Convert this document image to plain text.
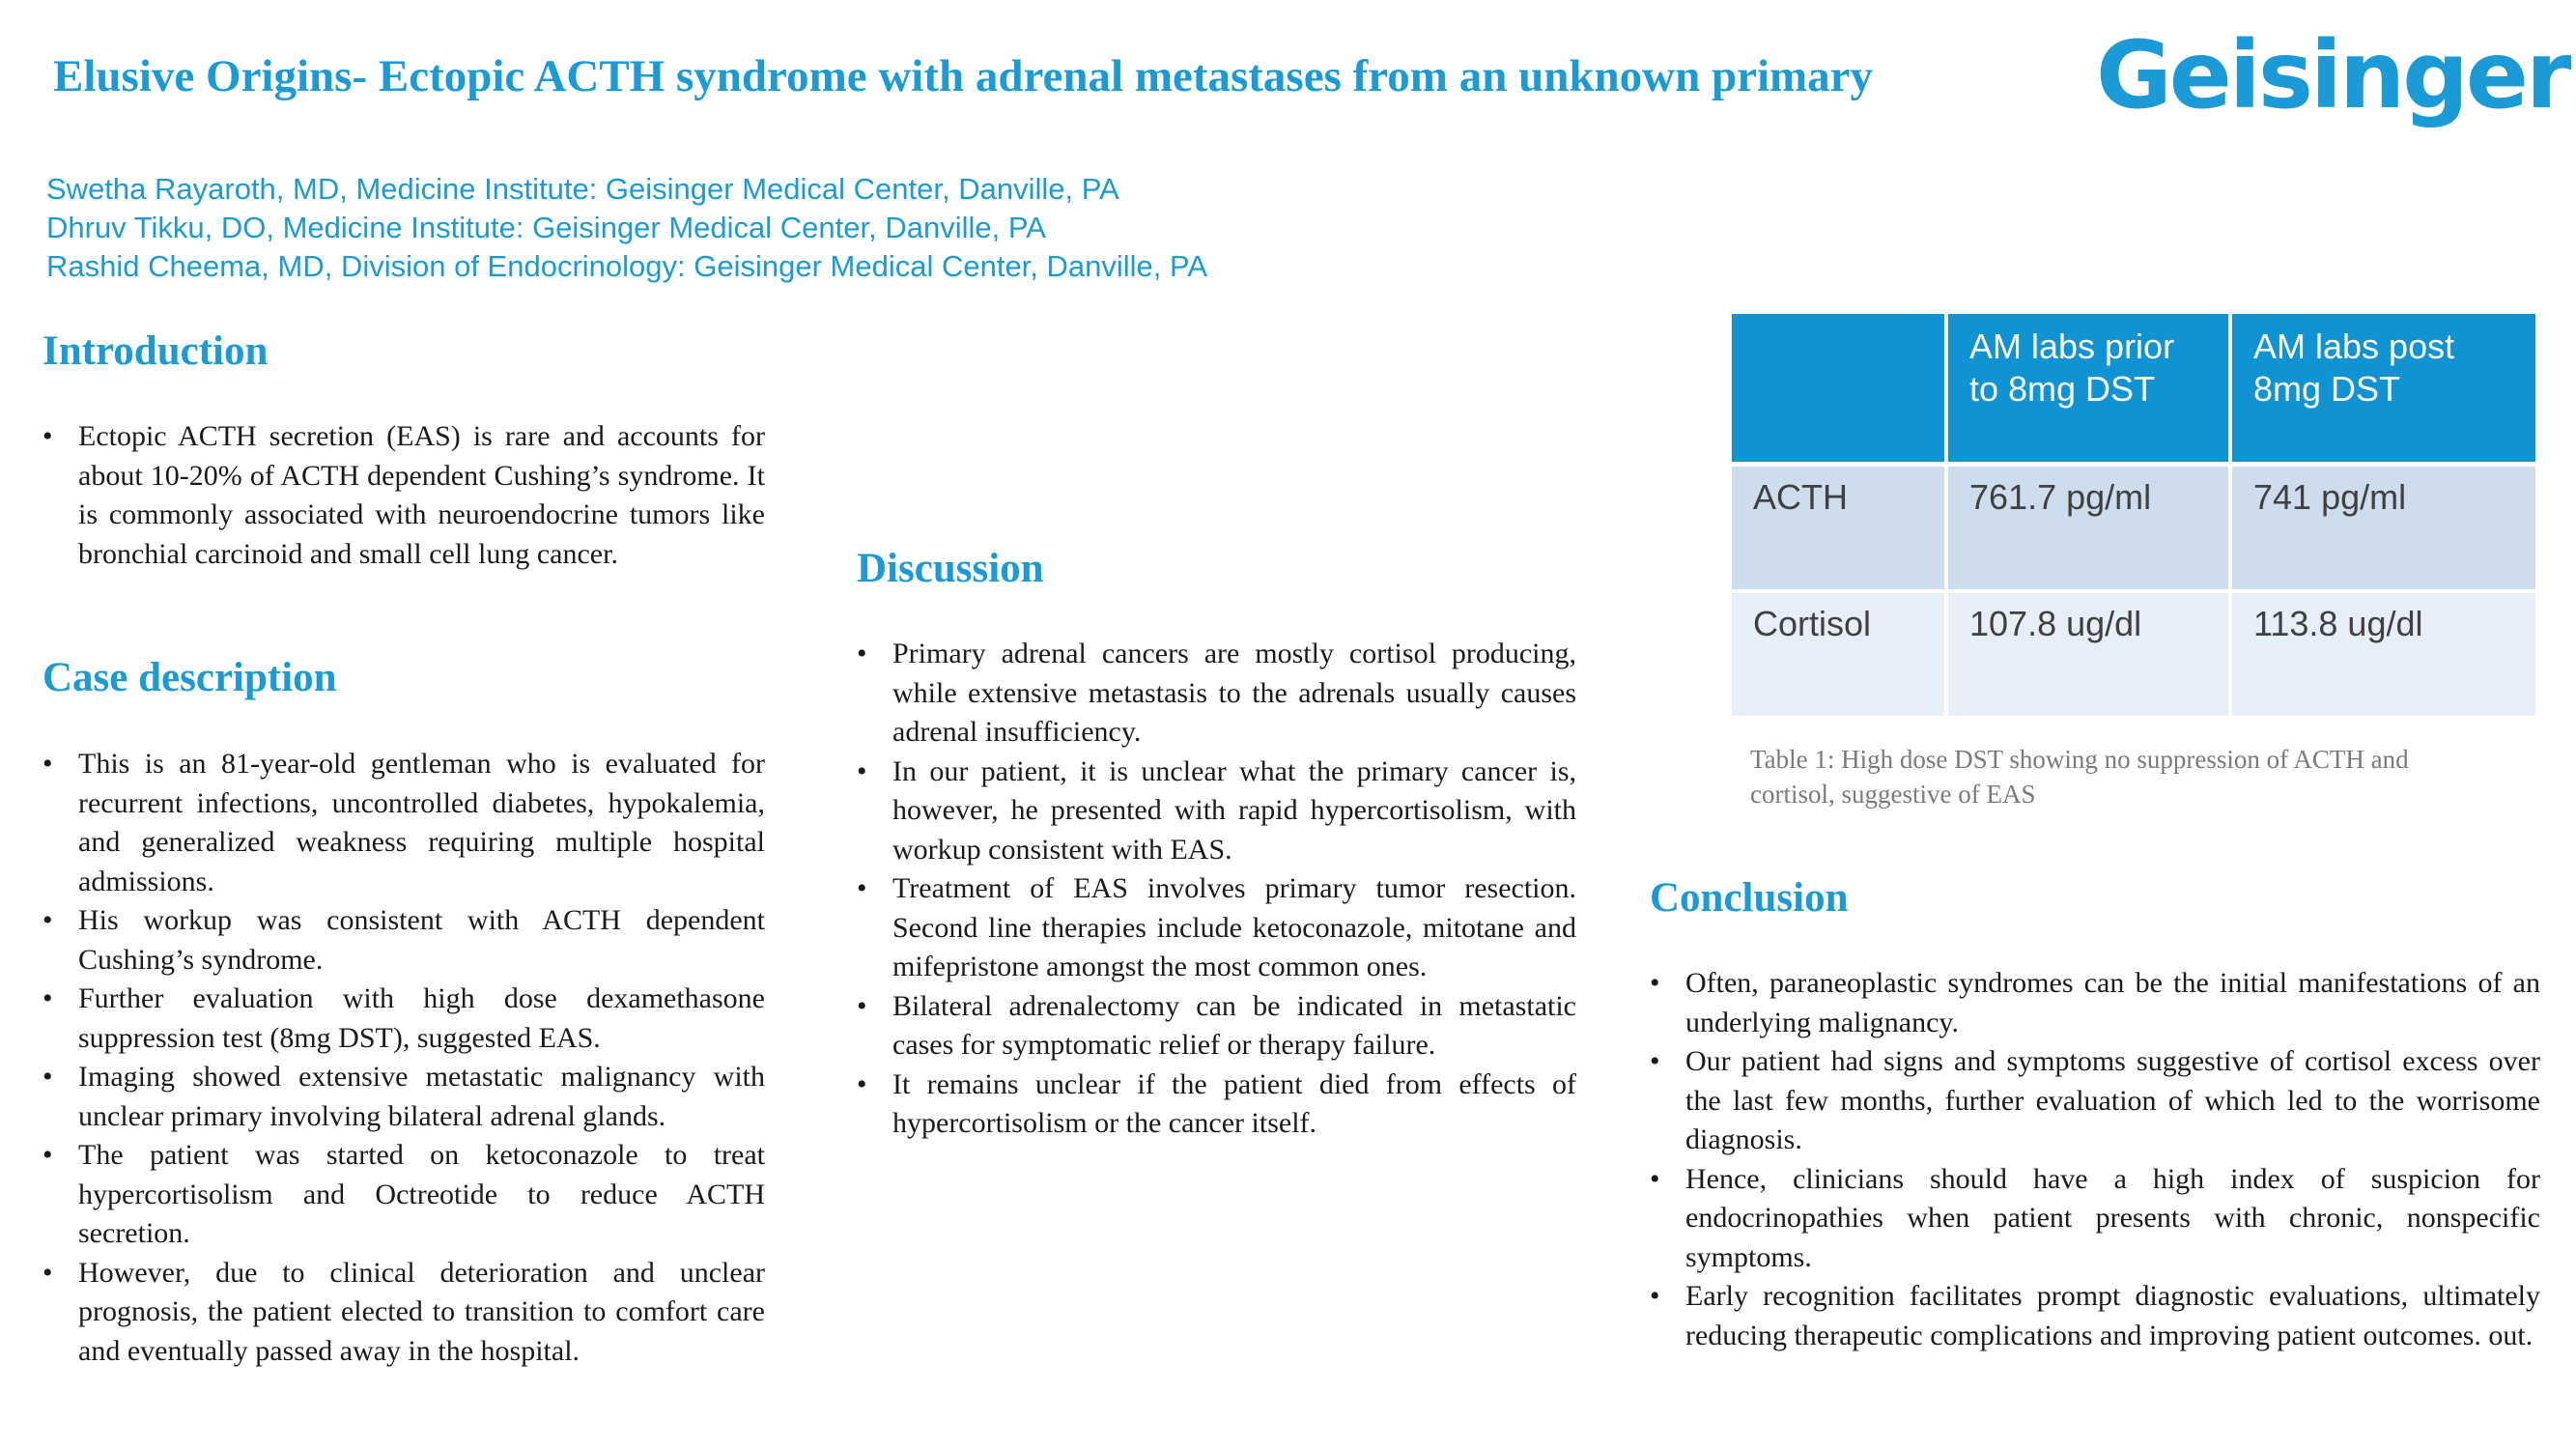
Elusive Origins- Ectopic ACTH syndrome with adrenal metastases from an unknown primary Geisinger
Swetha Rayaroth, MD, Medicine Institute: Geisinger Medical Center, Danville, PA
Dhruv Tikku, DO, Medicine Institute: Geisinger Medical Center, Danville, PA
Rashid Cheema, MD, Division of Endocrinology: Geisinger Medical Center, Danville, PA
Introduction
• Ectopic ACTH secretion (EAS) is rare and accounts for about 10-20% of ACTH dependent Cushing’s syndrome. It is commonly associated with neuroendocrine tumors like bronchial carcinoid and small cell lung cancer.
Case description
• This is an 81-year-old gentleman who is evaluated for recurrent infections, uncontrolled diabetes, hypokalemia, and generalized weakness requiring multiple hospital admissions.
• His workup was consistent with ACTH dependent Cushing’s syndrome.
• Further evaluation with high dose dexamethasone suppression test (8mg DST), suggested EAS.
• Imaging showed extensive metastatic malignancy with unclear primary involving bilateral adrenal glands.
• The patient was started on ketoconazole to treat hypercortisolism and Octreotide to reduce ACTH secretion.
• However, due to clinical deterioration and unclear prognosis, the patient elected to transition to comfort care and eventually passed away in the hospital.
Discussion
• Primary adrenal cancers are mostly cortisol producing, while extensive metastasis to the adrenals usually causes adrenal insufficiency.
• In our patient, it is unclear what the primary cancer is, however, he presented with rapid hypercortisolism, with workup consistent with EAS.
• Treatment of EAS involves primary tumor resection. Second line therapies include ketoconazole, mitotane and mifepristone amongst the most common ones.
• Bilateral adrenalectomy can be indicated in metastatic cases for symptomatic relief or therapy failure.
• It remains unclear if the patient died from effects of hypercortisolism or the cancer itself.
	AM labs prior to 8mg DST	AM labs post 8mg DST
ACTH	761.7 pg/ml	741 pg/ml
Cortisol	107.8 ug/dl	113.8 ug/dl
Table 1: High dose DST showing no suppression of ACTH and cortisol, suggestive of EAS
Conclusion
• Often, paraneoplastic syndromes can be the initial manifestations of an underlying malignancy.
• Our patient had signs and symptoms suggestive of cortisol excess over the last few months, further evaluation of which led to the worrisome diagnosis.
• Hence, clinicians should have a high index of suspicion for endocrinopathies when patient presents with chronic, nonspecific symptoms.
• Early recognition facilitates prompt diagnostic evaluations, ultimately reducing therapeutic complications and improving patient outcomes. out.
